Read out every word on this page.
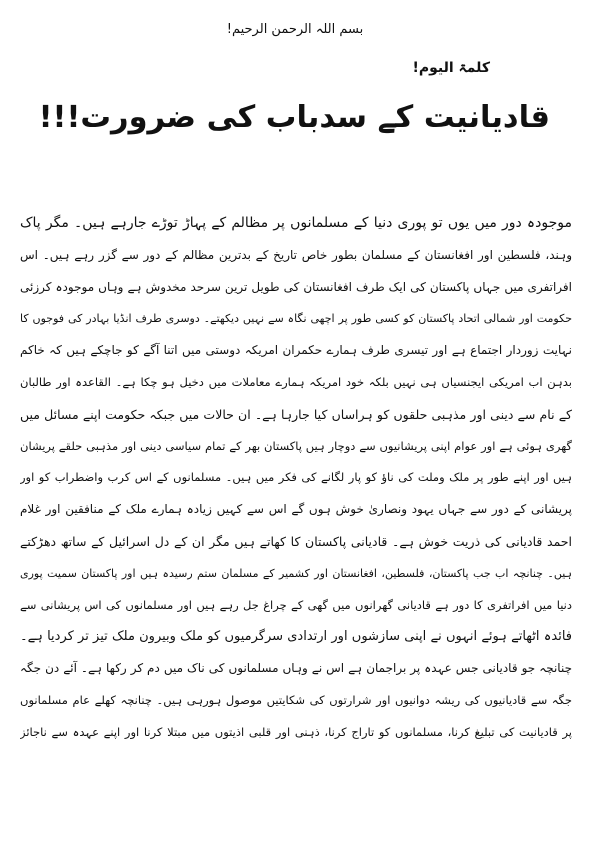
بسم اللہ الرحمن الرحیم!
کلمۃ الیوم!
قادیانیت کے سدباب کی ضرورت!!!
موجودہ دور میں یوں تو پوری دنیا کے مسلمانوں پر مظالم کے پہاڑ توڑے جارہے ہیں۔ مگر پاک
وہند، فلسطین اور افغانستان کے مسلمان بطور خاص تاریخ کے بدترین مظالم کے دور سے گزر رہے ہیں۔ اس
افراتفری میں جہاں پاکستان کی ایک طرف افغانستان کی طویل ترین سرحد مخدوش ہے وہاں موجودہ کرزئی
حکومت اور شمالی اتحاد پاکستان کو کسی طور پر اچھی نگاہ سے نہیں دیکھتے۔ دوسری طرف انڈیا بہادر کی فوجوں کا
نہایت زوردار اجتماع ہے اور تیسری طرف ہمارے حکمران امریکہ دوستی میں اتنا آگے کو جاچکے ہیں کہ خاکم
بدہن اب امریکی ایجنسیاں ہی نہیں بلکہ خود امریکہ ہمارے معاملات میں دخیل ہو چکا ہے۔ القاعدہ اور طالبان
کے نام سے دینی اور مذہبی حلقوں کو ہراساں کیا جارہا ہے۔ ان حالات میں جبکہ حکومت اپنے مسائل میں
گھری ہوئی ہے اور عوام اپنی پریشانیوں سے دوچار ہیں پاکستان بھر کے تمام سیاسی دینی اور مذہبی حلقے پریشان
ہیں اور اپنے طور پر ملک وملت کی ناؤ کو پار لگانے کی فکر میں ہیں۔ مسلمانوں کے اس کرب واضطراب کو اور
پریشانی کے دور سے جہاں یہود ونصاریٰ خوش ہوں گے اس سے کہیں زیادہ ہمارے ملک کے منافقین اور غلام
احمد قادیانی کی ذریت خوش ہے۔ قادیانی پاکستان کا کھاتے ہیں مگر ان کے دل اسرائیل کے ساتھ دھڑکتے
ہیں۔ چنانچہ اب جب پاکستان، فلسطین، افغانستان اور کشمیر کے مسلمان ستم رسیدہ ہیں اور پاکستان سمیت پوری
دنیا میں افراتفری کا دور ہے قادیانی گھرانوں میں گھی کے چراغ جل رہے ہیں اور مسلمانوں کی اس پریشانی سے
فائدہ اٹھاتے ہوئے انہوں نے اپنی سازشوں اور ارتدادی سرگرمیوں کو ملک وبیرون ملک تیز تر کردیا ہے۔
چنانچہ جو قادیانی جس عہدہ پر براجمان ہے اس نے وہاں مسلمانوں کی ناک میں دم کر رکھا ہے۔ آئے دن جگہ
جگہ سے قادیانیوں کی ریشہ دوانیوں اور شرارتوں کی شکایتیں موصول ہورہی ہیں۔ چنانچہ کھلے عام مسلمانوں
پر قادیانیت کی تبلیغ کرنا، مسلمانوں کو تاراج کرنا، ذہنی اور قلبی اذیتوں میں مبتلا کرنا اور اپنے عہدہ سے ناجائز
